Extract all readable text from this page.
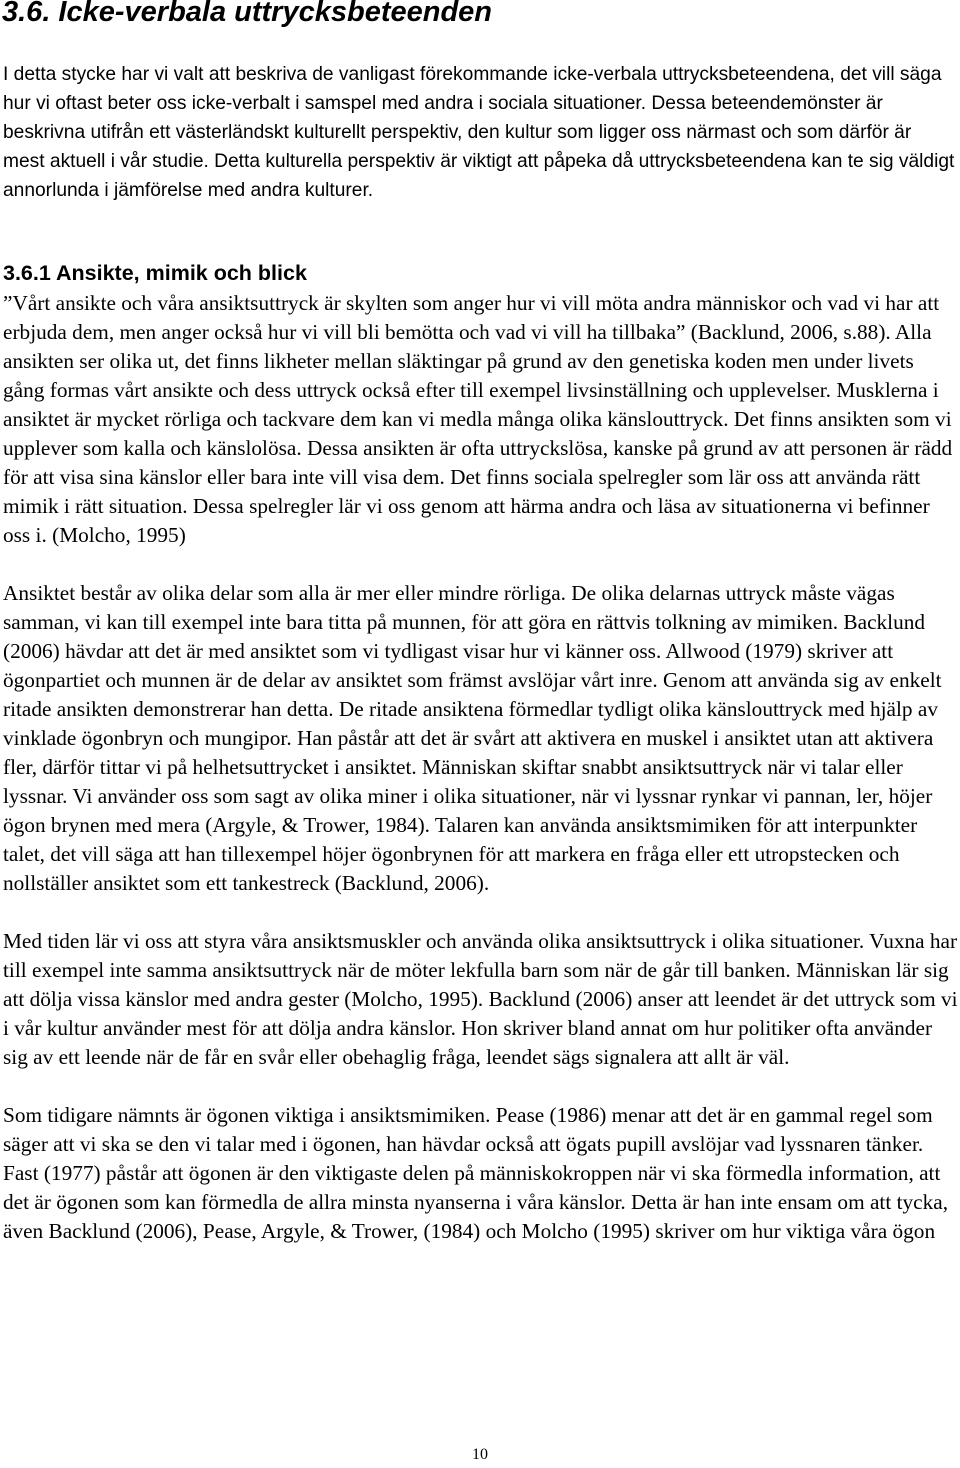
3.6. Icke-verbala uttrycksbeteenden

I detta stycke har vi valt att beskriva de vanligast förekommande icke-verbala uttrycksbeteendena, det vill säga hur vi oftast beter oss icke-verbalt i samspel med andra i sociala situationer. Dessa beteendemönster är beskrivna utifrån ett västerländskt kulturellt perspektiv, den kultur som ligger oss närmast och som därför är mest aktuell i vår studie. Detta kulturella perspektiv är viktigt att påpeka då uttrycksbeteendena kan te sig väldigt annorlunda i jämförelse med andra kulturer.

3.6.1 Ansikte, mimik och blick

”Vårt ansikte och våra ansiktsuttryck är skylten som anger hur vi vill möta andra människor och vad vi har att erbjuda dem, men anger också hur vi vill bli bemötta och vad vi vill ha tillbaka” (Backlund, 2006, s.88). Alla ansikten ser olika ut, det finns likheter mellan släktingar på grund av den genetiska koden men under livets gång formas vårt ansikte och dess uttryck också efter till exempel livsinställning och upplevelser. Musklerna i ansiktet är mycket rörliga och tackvare dem kan vi medla många olika känslouttryck. Det finns ansikten som vi upplever som kalla och känslolösa. Dessa ansikten är ofta uttryckslösa, kanske på grund av att personen är rädd för att visa sina känslor eller bara inte vill visa dem. Det finns sociala spelregler som lär oss att använda rätt mimik i rätt situation. Dessa spelregler lär vi oss genom att härma andra och läsa av situationerna vi befinner oss i. (Molcho, 1995)

Ansiktet består av olika delar som alla är mer eller mindre rörliga. De olika delarnas uttryck måste vägas samman, vi kan till exempel inte bara titta på munnen, för att göra en rättvis tolkning av mimiken. Backlund (2006) hävdar att det är med ansiktet som vi tydligast visar hur vi känner oss. Allwood (1979) skriver att ögonpartiet och munnen är de delar av ansiktet som främst avslöjar vårt inre. Genom att använda sig av enkelt ritade ansikten demonstrerar han detta. De ritade ansiktena förmedlar tydligt olika känslouttryck med hjälp av vinklade ögonbryn och mungipor. Han påstår att det är svårt att aktivera en muskel i ansiktet utan att aktivera fler, därför tittar vi på helhetsuttrycket i ansiktet. Människan skiftar snabbt ansiktsuttryck när vi talar eller lyssnar. Vi använder oss som sagt av olika miner i olika situationer, när vi lyssnar rynkar vi pannan, ler, höjer ögon brynen med mera (Argyle, & Trower, 1984). Talaren kan använda ansiktsmimiken för att interpunkter talet, det vill säga att han tillexempel höjer ögonbrynen för att markera en fråga eller ett utropstecken och nollställer ansiktet som ett tankestreck (Backlund, 2006).

Med tiden lär vi oss att styra våra ansiktsmuskler och använda olika ansiktsuttryck i olika situationer. Vuxna har till exempel inte samma ansiktsuttryck när de möter lekfulla barn som när de går till banken. Människan lär sig att dölja vissa känslor med andra gester (Molcho, 1995). Backlund (2006) anser att leendet är det uttryck som vi i vår kultur använder mest för att dölja andra känslor. Hon skriver bland annat om hur politiker ofta använder sig av ett leende när de får en svår eller obehaglig fråga, leendet sägs signalera att allt är väl.

Som tidigare nämnts är ögonen viktiga i ansiktsmimiken. Pease (1986) menar att det är en gammal regel som säger att vi ska se den vi talar med i ögonen, han hävdar också att ögats pupill avslöjar vad lyssnaren tänker. Fast (1977) påstår att ögonen är den viktigaste delen på människokroppen när vi ska förmedla information, att det är ögonen som kan förmedla de allra minsta nyanserna i våra känslor. Detta är han inte ensam om att tycka, även Backlund (2006), Pease, Argyle, & Trower, (1984) och Molcho (1995) skriver om hur viktiga våra ögon

10
